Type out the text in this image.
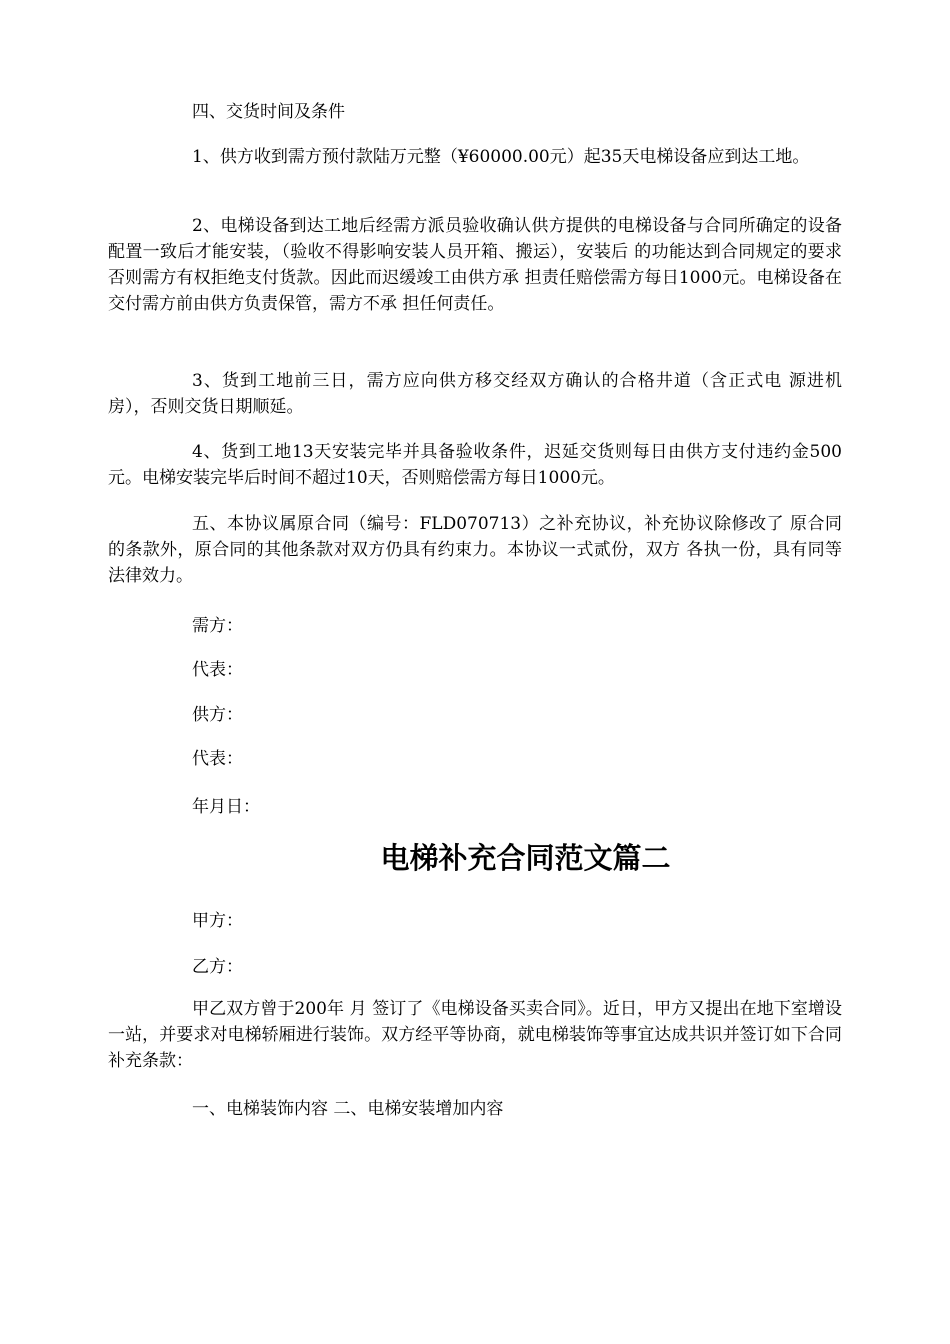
四、交货时间及条件

1、供方收到需方预付款陆万元整（¥60000.00元）起35天电梯设备应到达工地。

2、电梯设备到达工地后经需方派员验收确认供方提供的电梯设备与合同所确定的设备配置一致后才能安装，（验收不得影响安装人员开箱、搬运），安装后 的功能达到合同规定的要求否则需方有权拒绝支付货款。因此而迟缓竣工由供方承 担责任赔偿需方每日1000元。电梯设备在交付需方前由供方负责保管，需方不承 担任何责任。

3、货到工地前三日，需方应向供方移交经双方确认的合格井道（含正式电 源进机房），否则交货日期顺延。

4、货到工地13天安装完毕并具备验收条件，迟延交货则每日由供方支付违约金500元。电梯安装完毕后时间不超过10天，否则赔偿需方每日1000元。

五、本协议属原合同（编号：FLD070713）之补充协议，补充协议除修改了 原合同的条款外，原合同的其他条款对双方仍具有约束力。本协议一式贰份，双方 各执一份，具有同等法律效力。

需方：

代表：

供方：

代表：

年月日：

电梯补充合同范文篇二

甲方：

乙方：

甲乙双方曾于200年 月 签订了《电梯设备买卖合同》。近日，甲方又提出在地下室增设一站，并要求对电梯轿厢进行装饰。双方经平等协商，就电梯装饰等事宜达成共识并签订如下合同补充条款：

一、电梯装饰内容 二、电梯安装增加内容
